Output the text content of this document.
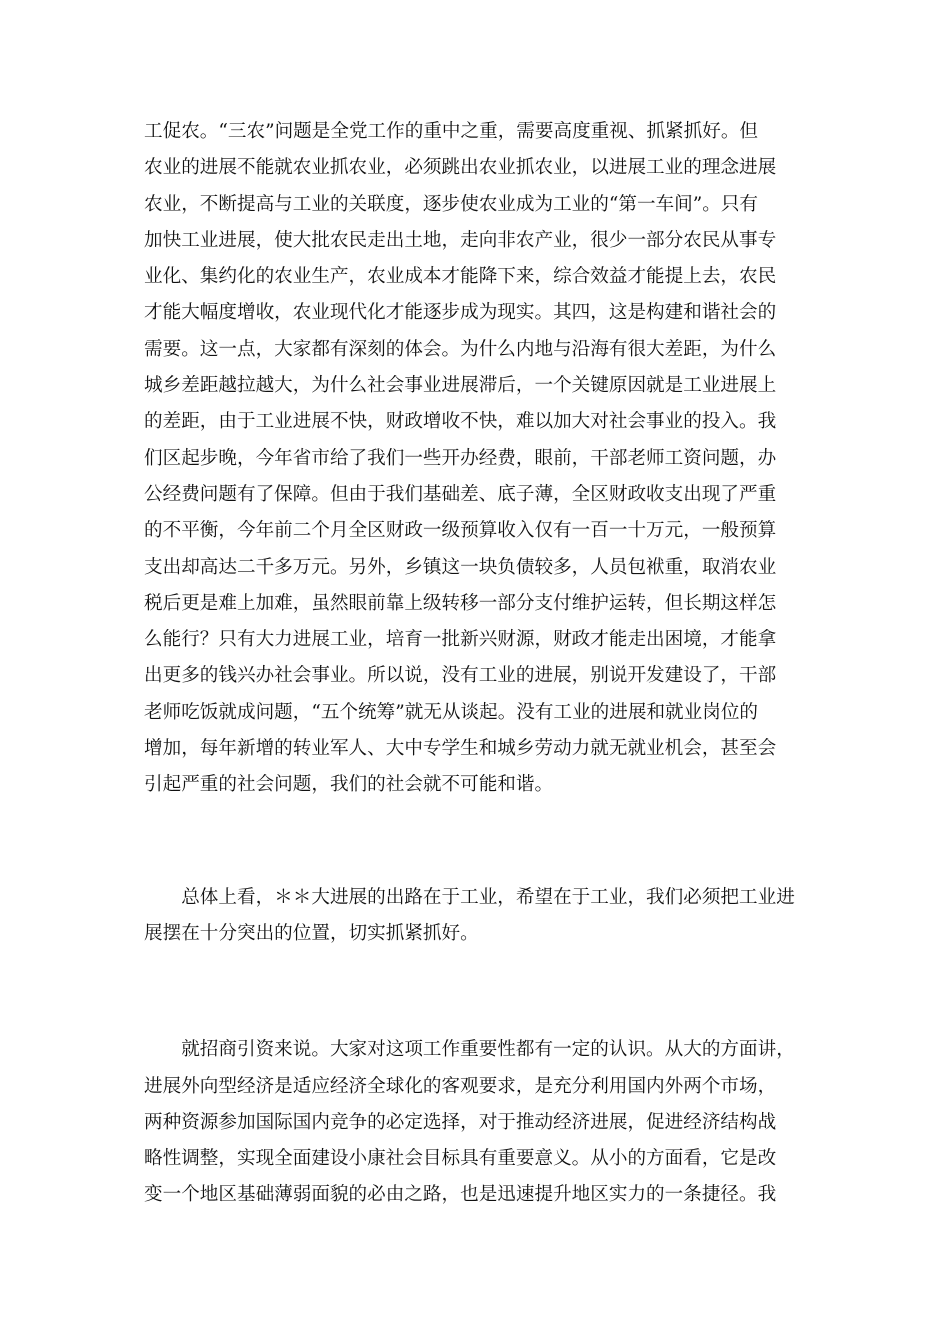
工促农。“三农”问题是全党工作的重中之重，需要高度重视、抓紧抓好。但
农业的进展不能就农业抓农业，必须跳出农业抓农业，以进展工业的理念进展
农业，不断提高与工业的关联度，逐步使农业成为工业的“第一车间”。只有
加快工业进展，使大批农民走出土地，走向非农产业，很少一部分农民从事专
业化、集约化的农业生产，农业成本才能降下来，综合效益才能提上去，农民
才能大幅度增收，农业现代化才能逐步成为现实。其四，这是构建和谐社会的
需要。这一点，大家都有深刻的体会。为什么内地与沿海有很大差距，为什么
城乡差距越拉越大，为什么社会事业进展滞后，一个关键原因就是工业进展上
的差距，由于工业进展不快，财政增收不快，难以加大对社会事业的投入。我
们区起步晚，今年省市给了我们一些开办经费，眼前，干部老师工资问题，办
公经费问题有了保障。但由于我们基础差、底子薄，全区财政收支出现了严重
的不平衡，今年前二个月全区财政一级预算收入仅有一百一十万元，一般预算
支出却高达二千多万元。另外，乡镇这一块负债较多，人员包袱重，取消农业
税后更是难上加难，虽然眼前靠上级转移一部分支付维护运转，但长期这样怎
么能行？只有大力进展工业，培育一批新兴财源，财政才能走出困境，才能拿
出更多的钱兴办社会事业。所以说，没有工业的进展，别说开发建设了，干部
老师吃饭就成问题，“五个统筹”就无从谈起。没有工业的进展和就业岗位的
增加，每年新增的转业军人、大中专学生和城乡劳动力就无就业机会，甚至会
引起严重的社会问题，我们的社会就不可能和谐。
　　总体上看，＊＊大进展的出路在于工业，希望在于工业，我们必须把工业进
展摆在十分突出的位置，切实抓紧抓好。
　　就招商引资来说。大家对这项工作重要性都有一定的认识。从大的方面讲，
进展外向型经济是适应经济全球化的客观要求，是充分利用国内外两个市场，
两种资源参加国际国内竞争的必定选择，对于推动经济进展，促进经济结构战
略性调整，实现全面建设小康社会目标具有重要意义。从小的方面看，它是改
变一个地区基础薄弱面貌的必由之路，也是迅速提升地区实力的一条捷径。我
